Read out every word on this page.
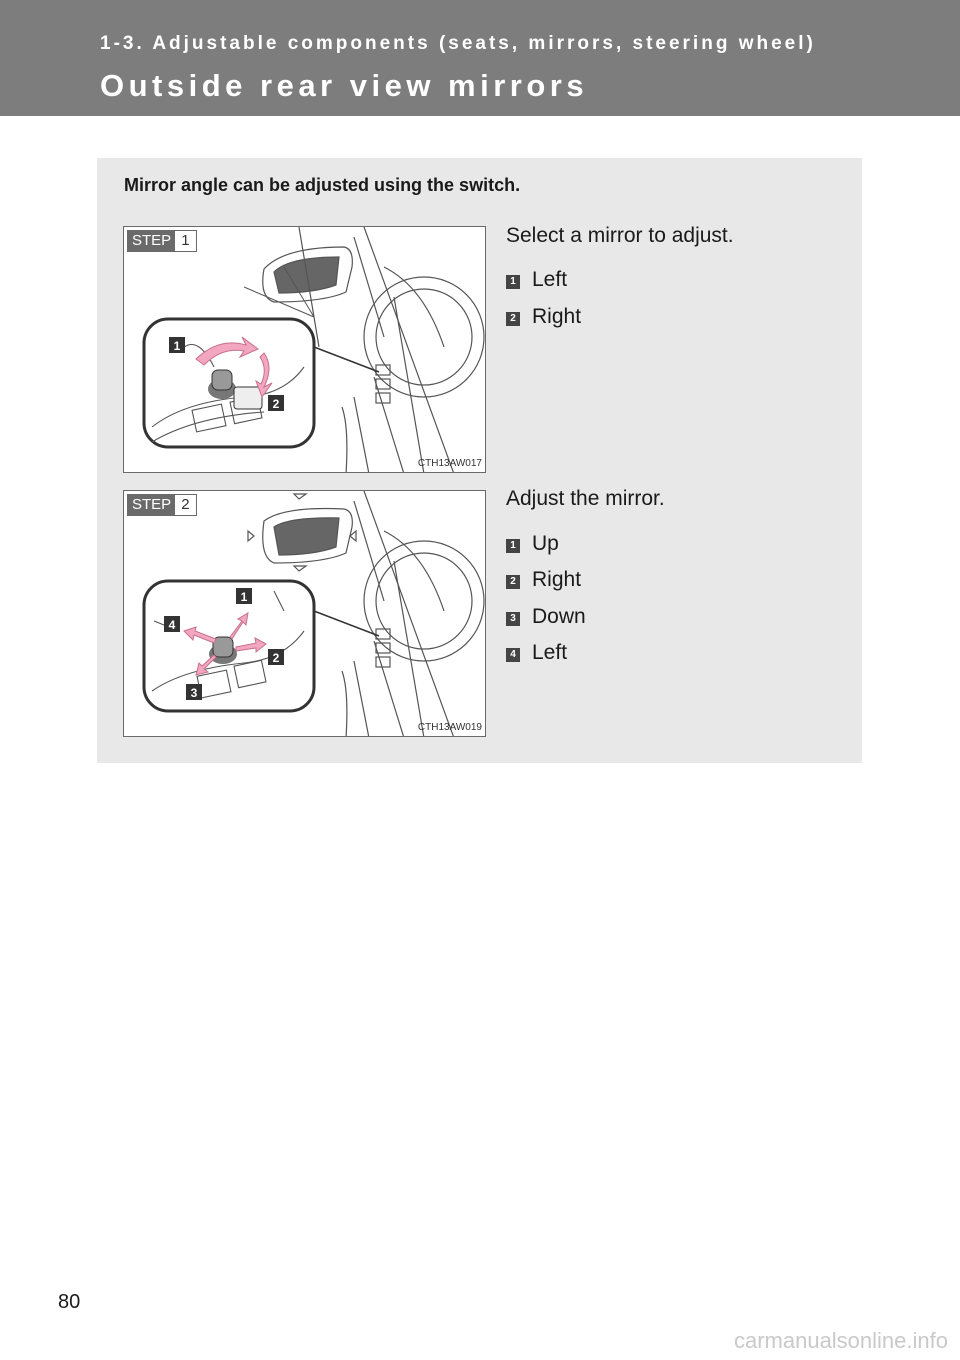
1-3. Adjustable components (seats, mirrors, steering wheel)
Outside rear view mirrors
Mirror angle can be adjusted using the switch.
STEP 1
1
2
CTH13AW017
Select a mirror to adjust.
1 Left
2 Right
STEP 2
1
2
3
4
CTH13AW019
Adjust the mirror.
1 Up
2 Right
3 Down
4 Left
80
carmanualsonline.info
